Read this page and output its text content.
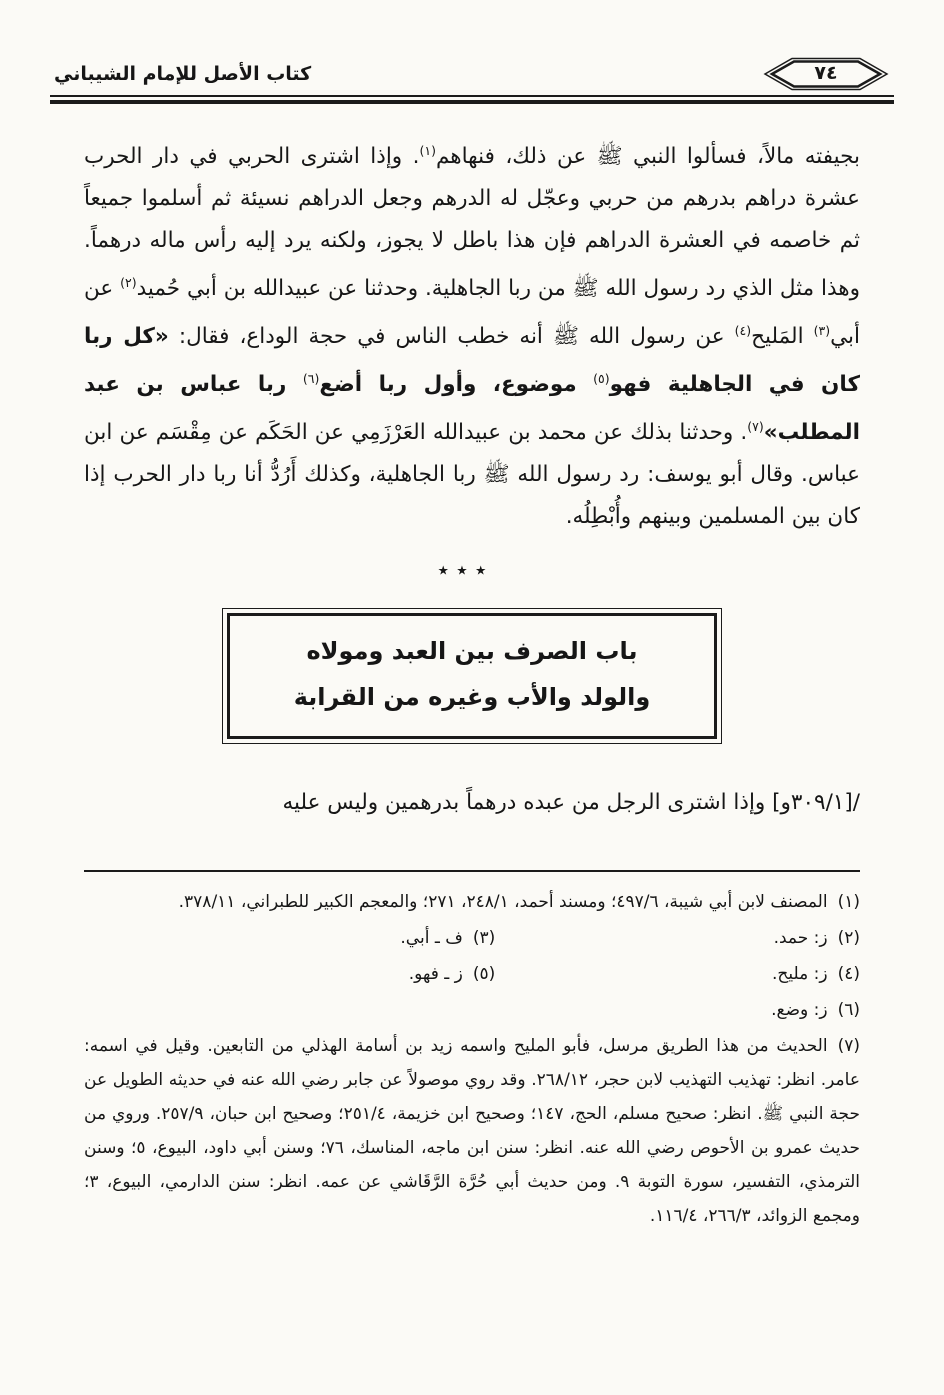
٧٤
كتاب الأصل للإمام الشيباني

بجيفته مالاً، فسألوا النبي ﷺ عن ذلك، فنهاهم$^{(١)}$. وإذا اشترى الحربي في دار الحرب عشرة دراهم بدرهم من حربي وعجّل له الدرهم وجعل الدراهم نسيئة ثم أسلموا جميعاً ثم خاصمه في العشرة الدراهم فإن هذا باطل لا يجوز، ولكنه يرد إليه رأس ماله درهماً. وهذا مثل الذي رد رسول الله ﷺ من ربا الجاهلية. وحدثنا عن عبيدالله بن أبي حُميد$^{(٢)}$ عن أبي$^{(٣)}$ المَليح$^{(٤)}$ عن رسول الله ﷺ أنه خطب الناس في حجة الوداع، فقال: «كل ربا كان في الجاهلية فهو$^{(٥)}$ موضوع، وأول ربا أضع$^{(٦)}$ ربا عباس بن عبد المطلب»$^{(٧)}$. وحدثنا بذلك عن محمد بن عبيدالله العَرْزَمِي عن الحَكَم عن مِقْسَم عن ابن عباس. وقال أبو يوسف: رد رسول الله ﷺ ربا الجاهلية، وكذلك أَرُدُّ أنا ربا دار الحرب إذا كان بين المسلمين وبينهم وأُبْطِلُه.

٭ ٭ ٭
باب الصرف بين العبد ومولاه
والولد والأب وغيره من القرابة

/[٣٠٩/١و] وإذا اشترى الرجل من عبده درهماً بدرهمين وليس عليه

(١)المصنف لابن أبي شيبة، ٤٩٧/٦؛ ومسند أحمد، ٢٤٨/١، ٢٧١؛ والمعجم الكبير للطبراني، ٣٧٨/١١.
(٢)ز: حمد.
(٣)ف ـ أبي.
(٤)ز: مليح.
(٥)ز ـ فهو.
(٦)ز: وضع.
(٧)الحديث من هذا الطريق مرسل، فأبو المليح واسمه زيد بن أسامة الهذلي من التابعين. وقيل في اسمه: عامر. انظر: تهذيب التهذيب لابن حجر، ٢٦٨/١٢. وقد روي موصولاً عن جابر رضي الله عنه في حديثه الطويل عن حجة النبي ﷺ. انظر: صحيح مسلم، الحج، ١٤٧؛ وصحيح ابن خزيمة، ٢٥١/٤؛ وصحيح ابن حبان، ٢٥٧/٩. وروي من حديث عمرو بن الأحوص رضي الله عنه. انظر: سنن ابن ماجه، المناسك، ٧٦؛ وسنن أبي داود، البيوع، ٥؛ وسنن الترمذي، التفسير، سورة التوبة ٩. ومن حديث أبي حُرَّة الرَّقَاشي عن عمه. انظر: سنن الدارمي، البيوع، ٣؛ ومجمع الزوائد، ٢٦٦/٣، ١١٦/٤.
